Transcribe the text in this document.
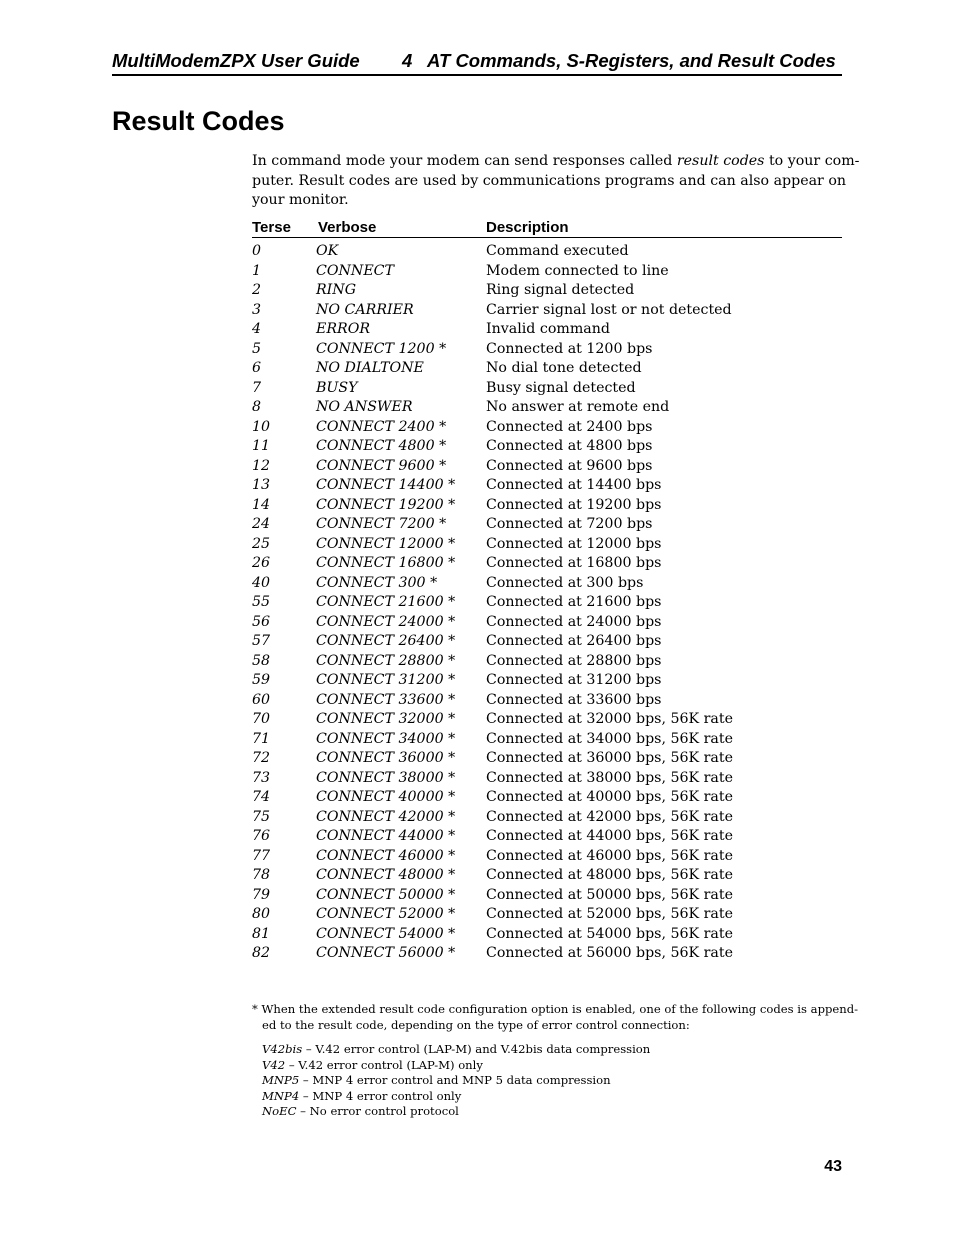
MultiModemZPX User Guide 4   AT Commands, S-Registers, and Result Codes
Result Codes
In command mode your modem can send responses called result codes to your com-
puter. Result codes are used by communications programs and can also appear on
your monitor.
Terse Verbose	Description
0	OK	Command executed
1	CONNECT	Modem connected to line
2	RING	Ring signal detected
3	NO CARRIER	Carrier signal lost or not detected
4	ERROR	Invalid command
5	CONNECT 1200 *	Connected at 1200 bps
6	NO DIALTONE	No dial tone detected
7	BUSY	Busy signal detected
8	NO ANSWER	No answer at remote end
10	CONNECT 2400 *	Connected at 2400 bps
11	CONNECT 4800 *	Connected at 4800 bps
12	CONNECT 9600 *	Connected at 9600 bps
13	CONNECT 14400 * Connected at 14400 bps
14	CONNECT 19200 * Connected at 19200 bps
24	CONNECT 7200 *	Connected at 7200 bps
25	CONNECT 12000 * Connected at 12000 bps
26	CONNECT 16800 * Connected at 16800 bps
40	CONNECT 300 *	Connected at 300 bps
55	CONNECT 21600 * Connected at 21600 bps
56	CONNECT 24000 * Connected at 24000 bps
57	CONNECT 26400 * Connected at 26400 bps
58	CONNECT 28800 * Connected at 28800 bps
59	CONNECT 31200 * Connected at 31200 bps
60	CONNECT 33600 * Connected at 33600 bps
70	CONNECT 32000 * Connected at 32000 bps, 56K rate
71	CONNECT 34000 * Connected at 34000 bps, 56K rate
72	CONNECT 36000 * Connected at 36000 bps, 56K rate
73	CONNECT 38000 * Connected at 38000 bps, 56K rate
74	CONNECT 40000 * Connected at 40000 bps, 56K rate
75	CONNECT 42000 * Connected at 42000 bps, 56K rate
76	CONNECT 44000 * Connected at 44000 bps, 56K rate
77	CONNECT 46000 * Connected at 46000 bps, 56K rate
78	CONNECT 48000 * Connected at 48000 bps, 56K rate
79	CONNECT 50000 * Connected at 50000 bps, 56K rate
80	CONNECT 52000 * Connected at 52000 bps, 56K rate
81	CONNECT 54000 * Connected at 54000 bps, 56K rate
82	CONNECT 56000 * Connected at 56000 bps, 56K rate
* When the extended result code configuration option is enabled, one of the following codes is append-
ed to the result code, depending on the type of error control connection:
V42bis – V.42 error control (LAP-M) and V.42bis data compression
V42 – V.42 error control (LAP-M) only
MNP5 – MNP 4 error control and MNP 5 data compression
MNP4 – MNP 4 error control only
NoEC – No error control protocol
43
